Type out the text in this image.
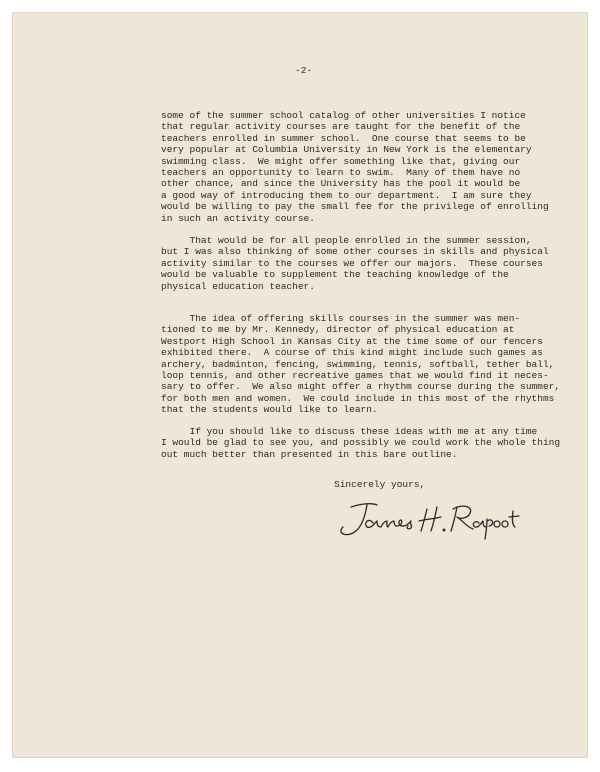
-2-
some of the summer school catalog of other universities I notice
that regular activity courses are taught for the benefit of the
teachers enrolled in summer school.  One course that seems to be
very popular at Columbia University in New York is the elementary
swimming class.  We might offer something like that, giving our
teachers an opportunity to learn to swim.  Many of them have no
other chance, and since the University has the pool it would be
a good way of introducing them to our department.  I am sure they
would be willing to pay the small fee for the privilege of enrolling
in such an activity course.
That would be for all people enrolled in the summer session,
but I was also thinking of some other courses in skills and physical
activity similar to the courses we offer our majors.  These courses
would be valuable to supplement the teaching knowledge of the
physical education teacher.
The idea of offering skills courses in the summer was men-
tioned to me by Mr. Kennedy, director of physical education at
Westport High School in Kansas City at the time some of our fencers
exhibited there.  A course of this kind might include such games as
archery, badminton, fencing, swimming, tennis, softball, tether ball,
loop tennis, and other recreative games that we would find it neces-
sary to offer.  We also might offer a rhythm course during the summer,
for both men and women.  We could include in this most of the rhythms
that the students would like to learn.
If you should like to discuss these ideas with me at any time
I would be glad to see you, and possibly we could work the whole thing
out much better than presented in this bare outline.
Sincerely yours,
